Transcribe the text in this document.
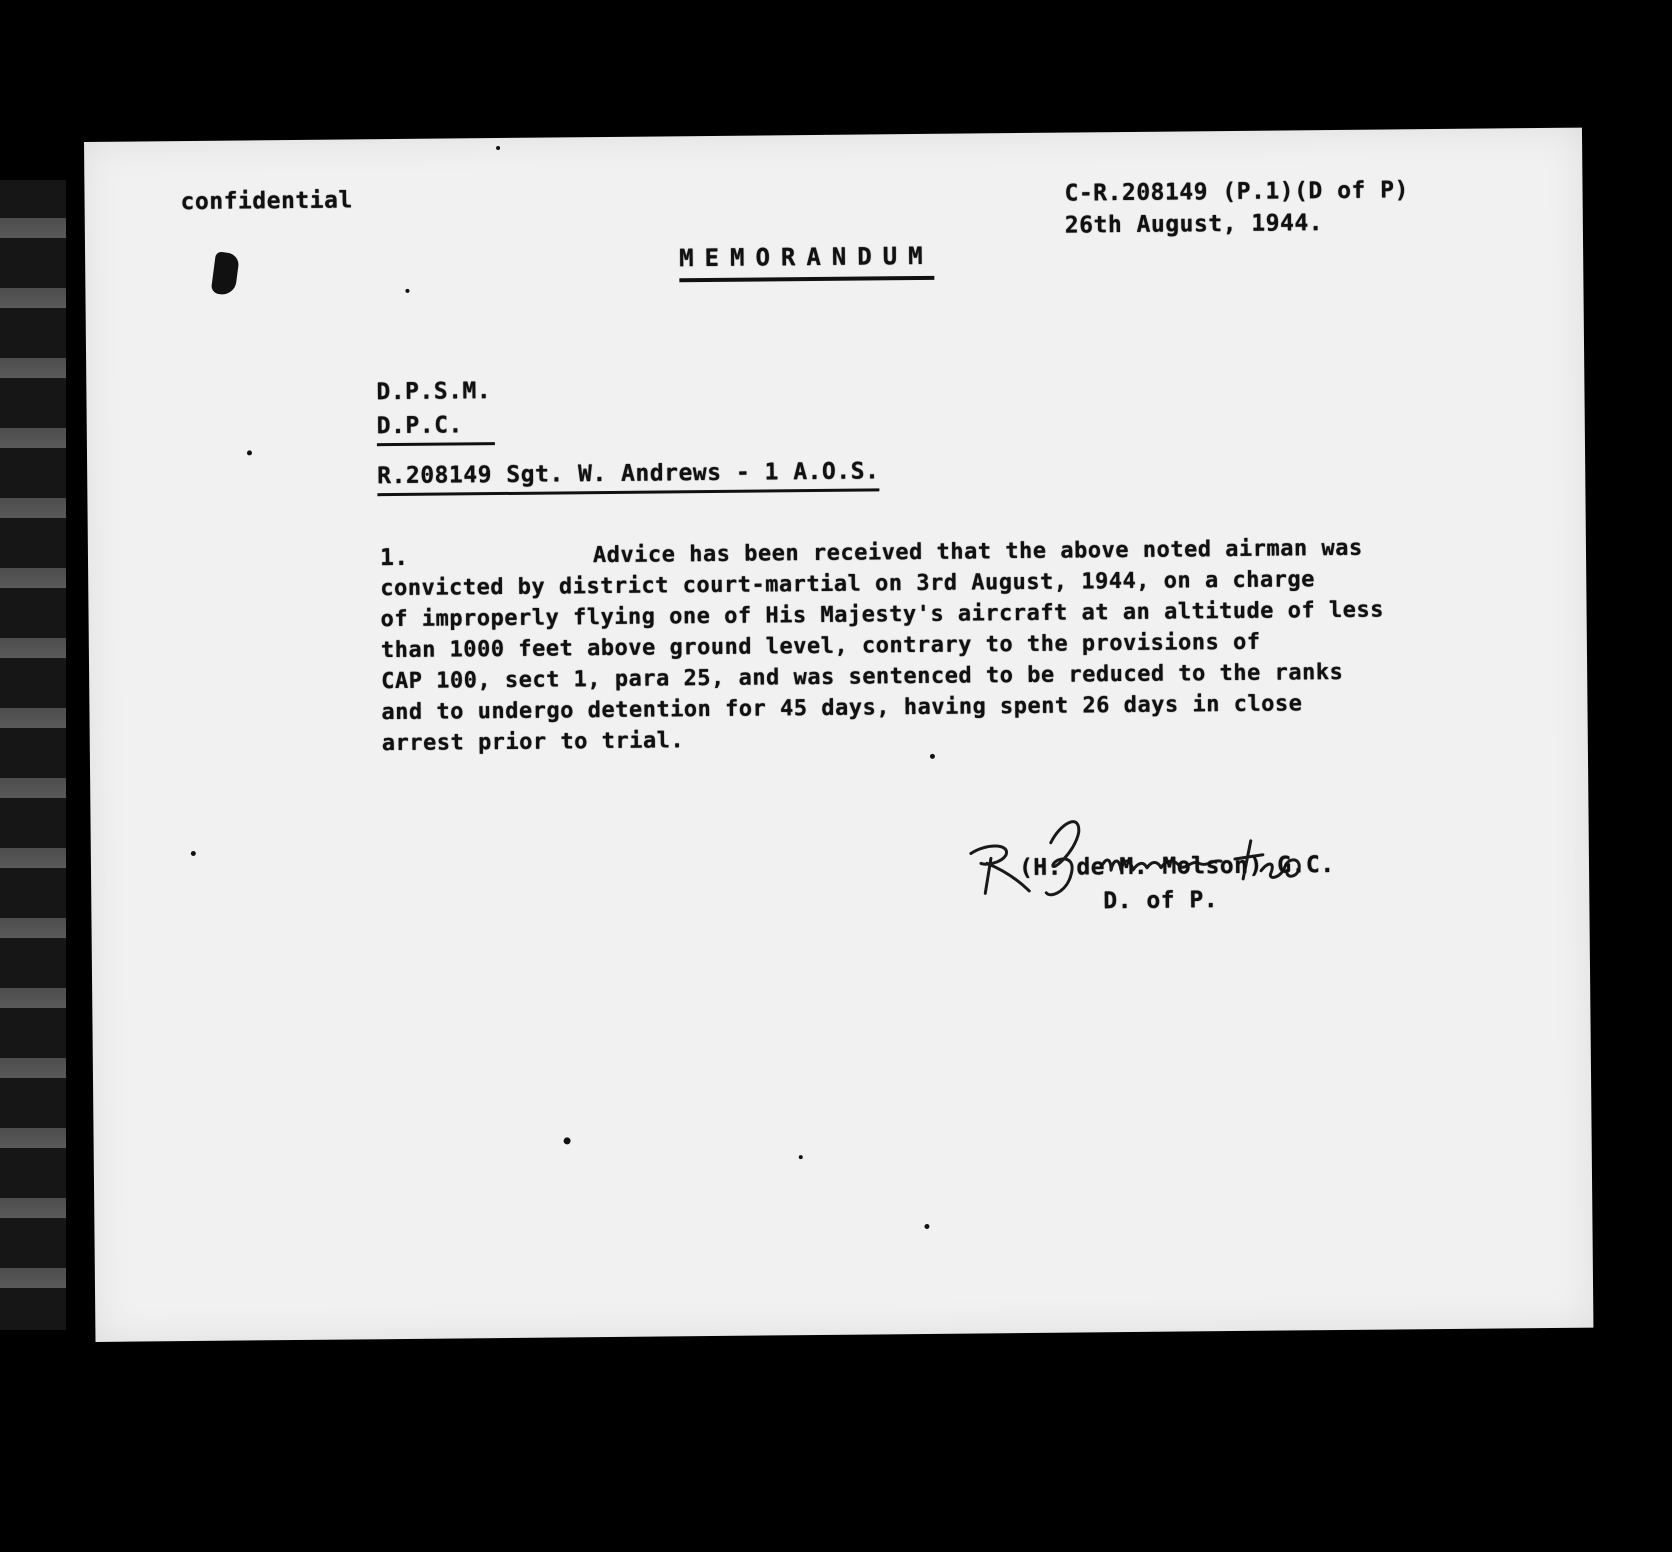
confidential	C-R.208149 (P.1)(D of P)
26th August, 1944.
MEMORANDUM
D.P.S.M.
D.P.C.
R.208149 Sgt. W. Andrews - 1 A.O.S.
1.	Advice has been received that the above noted airman was
convicted by district court-martial on 3rd August, 1944, on a charge
of improperly flying one of His Majesty's aircraft at an altitude of less
than 1000 feet above ground level, contrary to the provisions of
CAP 100, sect 1, para 25, and was sentenced to be reduced to the ranks
and to undergo detention for 45 days, having spent 26 days in close
arrest prior to trial.
(H. de M. Molson) G.C.
D. of P.
